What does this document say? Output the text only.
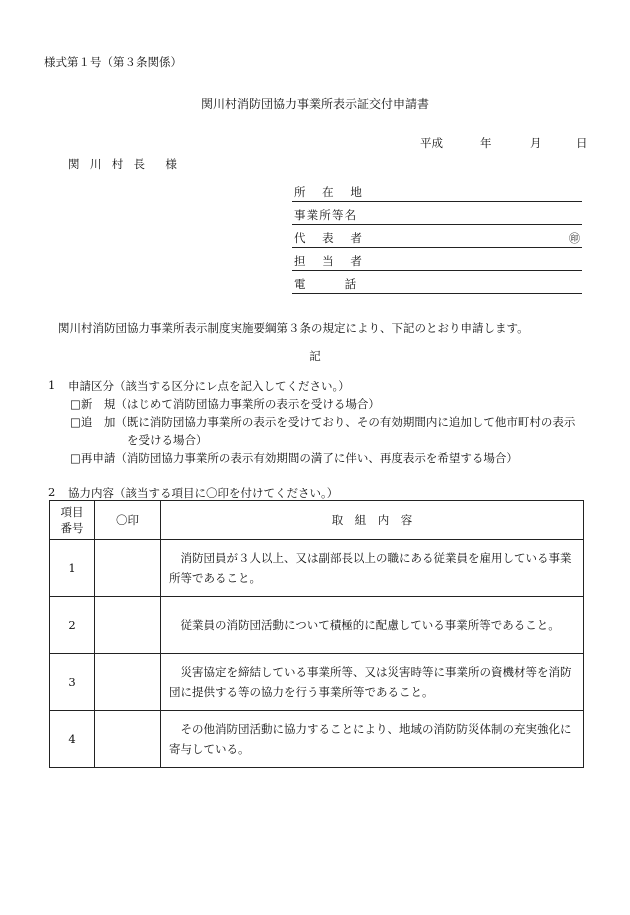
様式第１号（第３条関係）
関川村消防団協力事業所表示証交付申請書
平成	年	月	日
関川村長 様
所在地
事業所等名
代表者	㊞
担当者
電話
関川村消防団協力事業所表示制度実施要綱第３条の規定により、下記のとおり申請します。
記
1 申請区分（該当する区分にレ点を記入してください。）
□新　規（はじめて消防団協力事業所の表示を受ける場合）
□追　加（既に消防団協力事業所の表示を受けており、その有効期間内に追加して他市町村の表示
を受ける場合）
□再申請（消防団協力事業所の表示有効期間の満了に伴い、再度表示を希望する場合）
2 協力内容（該当する項目に〇印を付けてください。）
項目
番号	〇印	取　組　内　容
1		消防団員が３人以上、又は副部長以上の職にある従業員を雇用している事業所等であること。
2		従業員の消防団活動について積極的に配慮している事業所等であること。
3		災害協定を締結している事業所等、又は災害時等に事業所の資機材等を消防団に提供する等の協力を行う事業所等であること。
4		その他消防団活動に協力することにより、地域の消防防災体制の充実強化に寄与している。
